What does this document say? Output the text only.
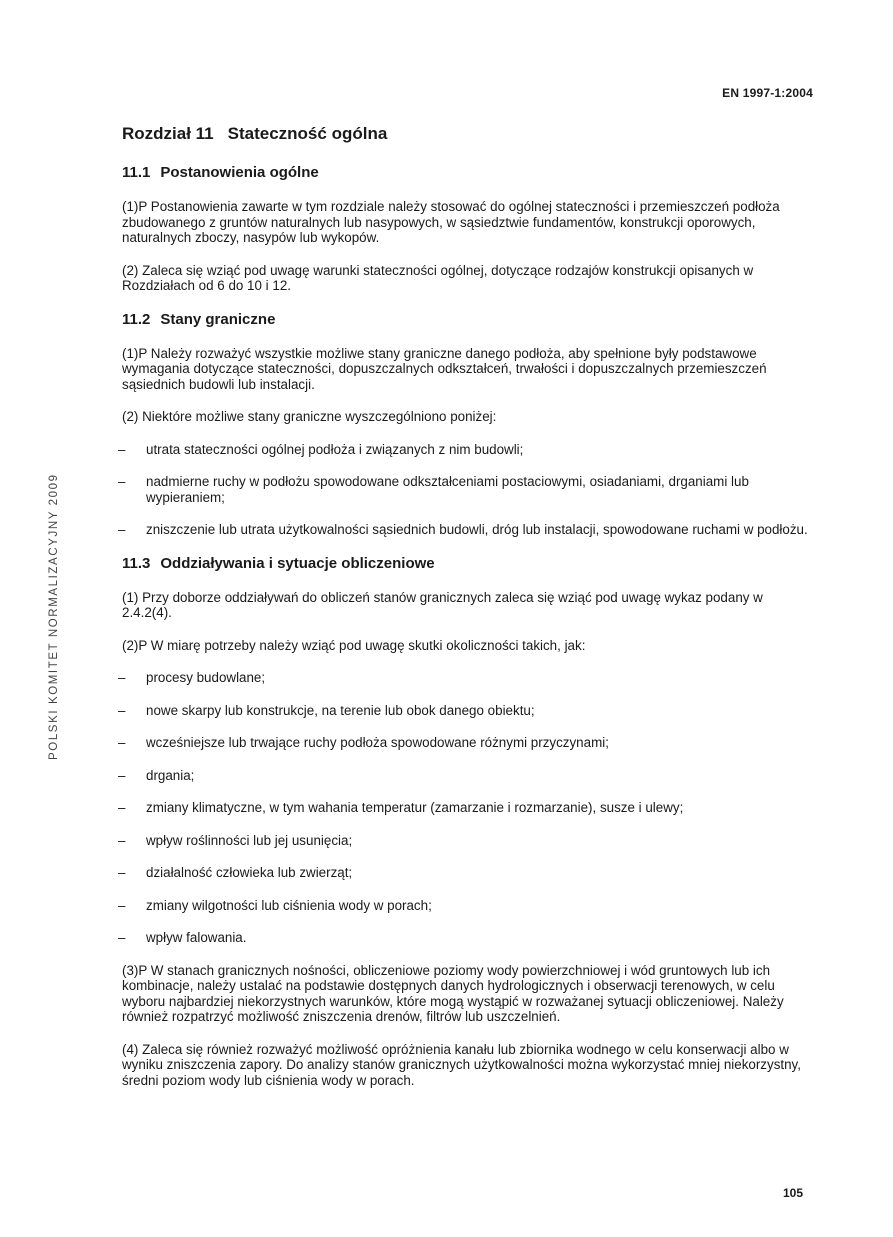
EN 1997-1:2004
POLSKI KOMITET NORMALIZACYJNY 2009
Rozdział 11 Stateczność ogólna
11.1 Postanowienia ogólne

(1)P Postanowienia zawarte w tym rozdziale należy stosować do ogólnej stateczności i przemieszczeń podłoża zbudowanego z gruntów naturalnych lub nasypowych, w sąsiedztwie fundamentów, konstrukcji oporowych, naturalnych zboczy, nasypów lub wykopów.

(2) Zaleca się wziąć pod uwagę warunki stateczności ogólnej, dotyczące rodzajów konstrukcji opisanych w Rozdziałach od 6 do 10 i 12.

11.2 Stany graniczne

(1)P Należy rozważyć wszystkie możliwe stany graniczne danego podłoża, aby spełnione były podstawowe wymagania dotyczące stateczności, dopuszczalnych odkształceń, trwałości i dopuszczalnych przemieszczeń sąsiednich budowli lub instalacji.

(2) Niektóre możliwe stany graniczne wyszczególniono poniżej:

– utrata stateczności ogólnej podłoża i związanych z nim budowli;
– nadmierne ruchy w podłożu spowodowane odkształceniami postaciowymi, osiadaniami, drganiami lub wypieraniem;
– zniszczenie lub utrata użytkowalności sąsiednich budowli, dróg lub instalacji, spowodowane ruchami w podłożu.
11.3 Oddziaływania i sytuacje obliczeniowe

(1) Przy doborze oddziaływań do obliczeń stanów granicznych zaleca się wziąć pod uwagę wykaz podany w 2.4.2(4).

(2)P W miarę potrzeby należy wziąć pod uwagę skutki okoliczności takich, jak:

– procesy budowlane;
– nowe skarpy lub konstrukcje, na terenie lub obok danego obiektu;
– wcześniejsze lub trwające ruchy podłoża spowodowane różnymi przyczynami;
– drgania;
– zmiany klimatyczne, w tym wahania temperatur (zamarzanie i rozmarzanie), susze i ulewy;
– wpływ roślinności lub jej usunięcia;
– działalność człowieka lub zwierząt;
– zmiany wilgotności lub ciśnienia wody w porach;
– wpływ falowania.

(3)P W stanach granicznych nośności, obliczeniowe poziomy wody powierzchniowej i wód gruntowych lub ich kombinacje, należy ustalać na podstawie dostępnych danych hydrologicznych i obserwacji terenowych, w celu wyboru najbardziej niekorzystnych warunków, które mogą wystąpić w rozważanej sytuacji obliczeniowej. Należy również rozpatrzyć możliwość zniszczenia drenów, filtrów lub uszczelnień.

(4) Zaleca się również rozważyć możliwość opróżnienia kanału lub zbiornika wodnego w celu konserwacji albo w wyniku zniszczenia zapory. Do analizy stanów granicznych użytkowalności można wykorzystać mniej niekorzystny, średni poziom wody lub ciśnienia wody w porach.

105
